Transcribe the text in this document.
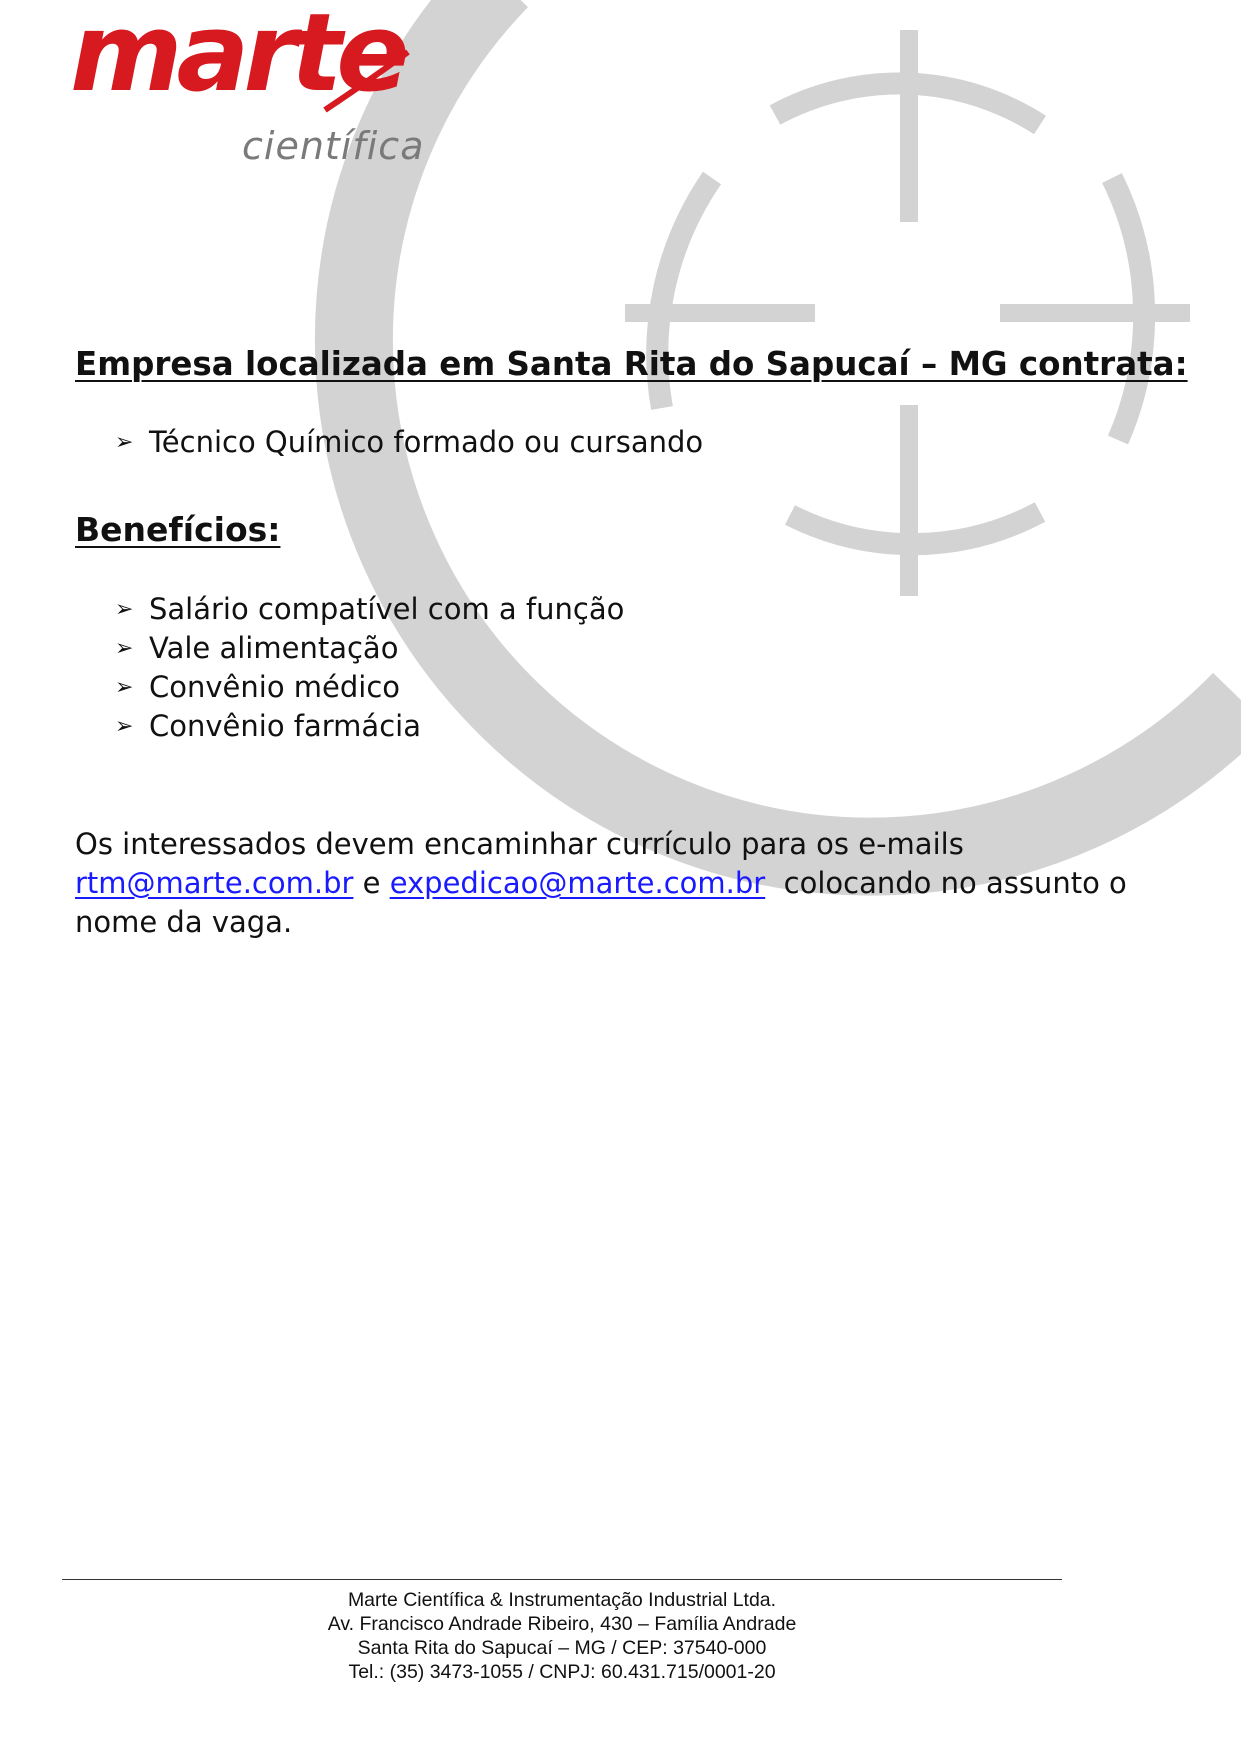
marte
científica
Empresa localizada em Santa Rita do Sapucaí – MG contrata:
➢ Técnico Químico formado ou cursando
Benefícios:
➢ Salário compatível com a função
➢ Vale alimentação
➢ Convênio médico
➢ Convênio farmácia
Os interessados devem encaminhar currículo para os e-mails
rtm@marte.com.br e expedicao@marte.com.br  colocando no assunto o
nome da vaga.
Marte Científica & Instrumentação Industrial Ltda.
Av. Francisco Andrade Ribeiro, 430 – Família Andrade
Santa Rita do Sapucaí – MG / CEP: 37540-000
Tel.: (35) 3473-1055 / CNPJ: 60.431.715/0001-20
